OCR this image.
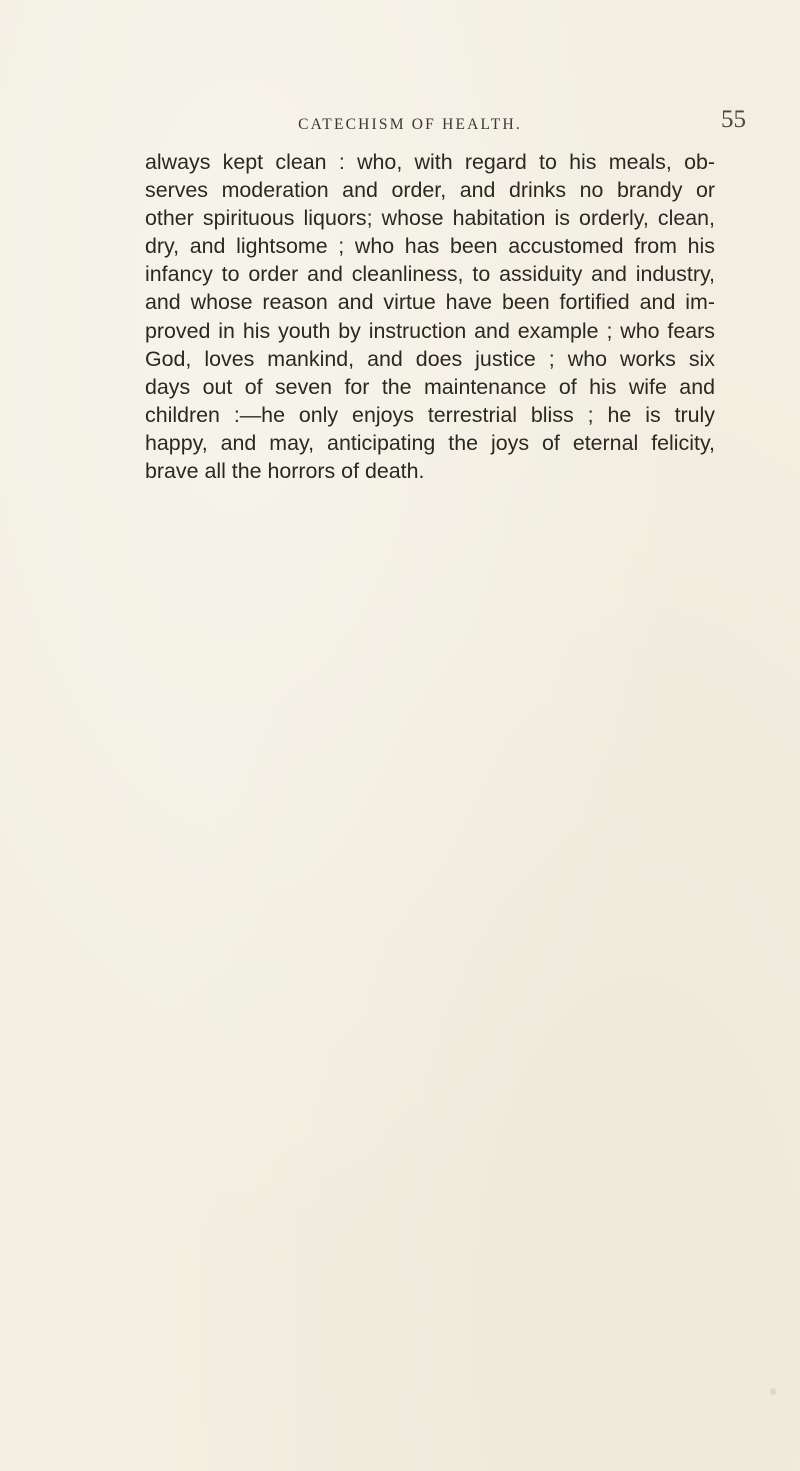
CATECHISM OF HEALTH.	55

always kept clean : who, with regard to his meals, ob-
serves moderation and order, and drinks no brandy or
other spirituous liquors; whose habitation is orderly, clean,
dry, and lightsome ; who has been accustomed from his
infancy to order and cleanliness, to assiduity and industry,
and whose reason and virtue have been fortified and im-
proved in his youth by instruction and example ; who fears
God, loves mankind, and does justice ; who works six
days out of seven for the maintenance of his wife and
children :—he only enjoys terrestrial bliss ; he is truly
happy, and may, anticipating the joys of eternal felicity,
brave all the horrors of death.
